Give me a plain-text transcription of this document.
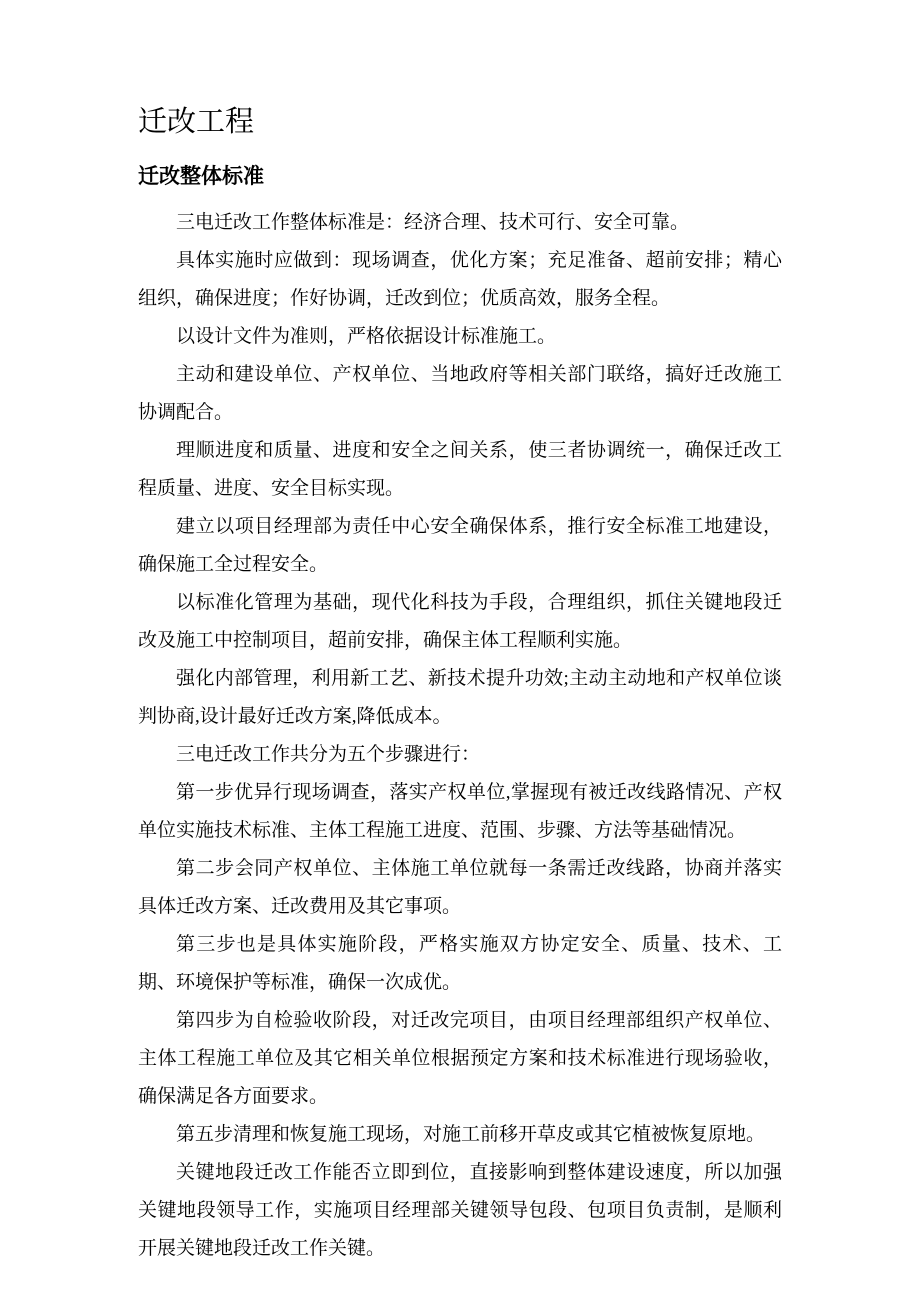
迁改工程
迁改整体标准

三电迁改工作整体标准是：经济合理、技术可行、安全可靠。

具体实施时应做到：现场调查，优化方案；充足准备、超前安排；精心组织，确保进度；作好协调，迁改到位；优质高效，服务全程。

以设计文件为准则，严格依据设计标准施工。

主动和建设单位、产权单位、当地政府等相关部门联络，搞好迁改施工协调配合。

理顺进度和质量、进度和安全之间关系，使三者协调统一，确保迁改工程质量、进度、安全目标实现。

建立以项目经理部为责任中心安全确保体系，推行安全标准工地建设，确保施工全过程安全。

以标准化管理为基础，现代化科技为手段，合理组织，抓住关键地段迁改及施工中控制项目，超前安排，确保主体工程顺利实施。

强化内部管理，利用新工艺、新技术提升功效;主动主动地和产权单位谈判协商,设计最好迁改方案,降低成本。

三电迁改工作共分为五个步骤进行：

第一步优异行现场调查，落实产权单位,掌握现有被迁改线路情况、产权单位实施技术标准、主体工程施工进度、范围、步骤、方法等基础情况。

第二步会同产权单位、主体施工单位就每一条需迁改线路，协商并落实具体迁改方案、迁改费用及其它事项。

第三步也是具体实施阶段，严格实施双方协定安全、质量、技术、工期、环境保护等标准，确保一次成优。

第四步为自检验收阶段，对迁改完项目，由项目经理部组织产权单位、主体工程施工单位及其它相关单位根据预定方案和技术标准进行现场验收，确保满足各方面要求。

第五步清理和恢复施工现场，对施工前移开草皮或其它植被恢复原地。

关键地段迁改工作能否立即到位，直接影响到整体建设速度，所以加强关键地段领导工作，实施项目经理部关键领导包段、包项目负责制，是顺利开展关键地段迁改工作关键。
